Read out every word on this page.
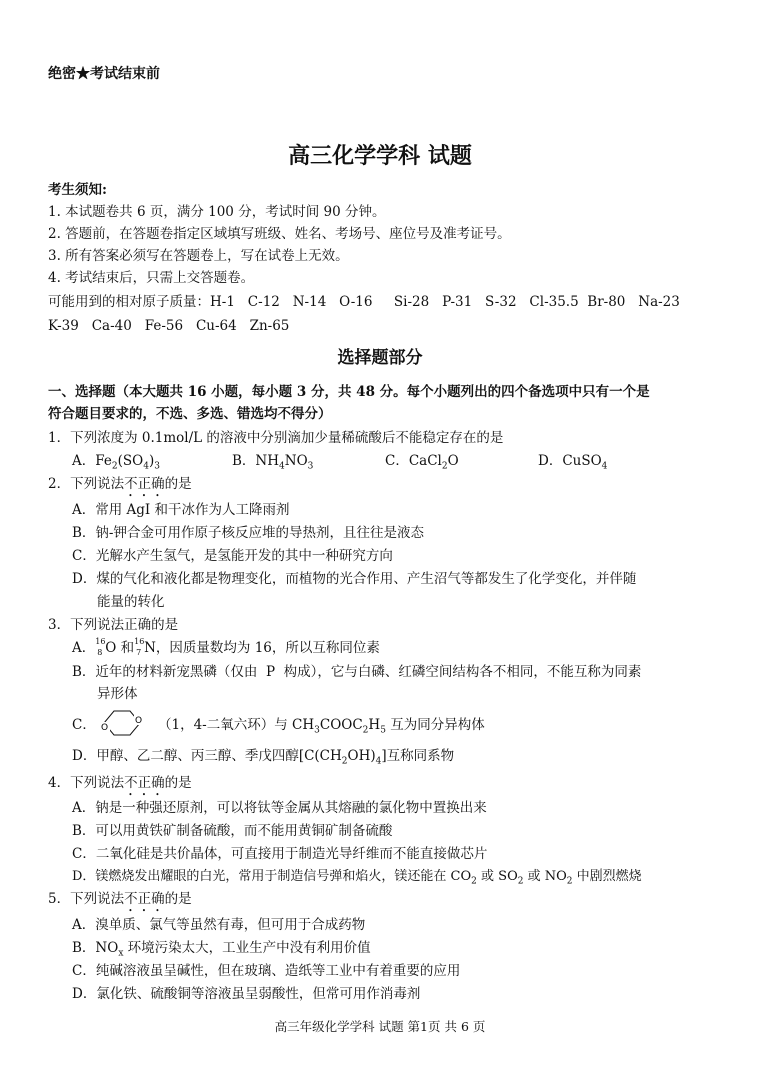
绝密★考试结束前
高三化学学科 试题
考生须知:
1. 本试题卷共 6 页，满分 100 分，考试时间 90 分钟。
2. 答题前，在答题卷指定区域填写班级、姓名、考场号、座位号及准考证号。
3. 所有答案必须写在答题卷上，写在试卷上无效。
4. 考试结束后，只需上交答题卷。
可能用到的相对原子质量：H-1   C-12   N-14   O-16     Si-28   P-31   S-32   Cl-35.5  Br-80   Na-23
K-39   Ca-40   Fe-56   Cu-64   Zn-65
选择题部分
一、选择题（本大题共 16 小题，每小题 3 分，共 48 分。每个小题列出的四个备选项中只有一个是
符合题目要求的，不选、多选、错选均不得分）
1．下列浓度为 0.1mol/L 的溶液中分别滴加少量稀硫酸后不能稳定存在的是
A．$Fe_2(SO_4)_3$	B．$NH_4NO_3$	C．CaCl$_2$O	D．CuSO$_4$
2．下列说法不正确的是
A．常用 AgI 和干冰作为人工降雨剂
B．钠-钾合金可用作原子核反应堆的导热剂，且往往是液态
C．光解水产生氢气，是氢能开发的其中一种研究方向
D．煤的气化和液化都是物理变化，而植物的光合作用、产生沼气等都发生了化学变化，并伴随
能量的转化
3．下列说法正确的是
A． 16
8 O 和 16
7 N，因质量数均为 16，所以互称同位素
B．近年的材料新宠黑磷（仅由  P  构成），它与白磷、红磷空间结构各不相同，不能互称为同素
异形体
C．	O
O	（1，4-二氧六环）与 $CH_3COOC_2H_5$ 互为同分异构体
D．甲醇、乙二醇、丙三醇、季戊四醇$[C(CH_2OH)_4]$互称同系物
4．下列说法不正确的是
A．钠是一种强还原剂，可以将钛等金属从其熔融的氯化物中置换出来
B．可以用黄铁矿制备硫酸，而不能用黄铜矿制备硫酸
C．二氧化硅是共价晶体，可直接用于制造光导纤维而不能直接做芯片
D．镁燃烧发出耀眼的白光，常用于制造信号弹和焰火，镁还能在 $CO_2$ 或 $SO_2$ 或 $NO_2$ 中剧烈燃烧
5．下列说法不正确的是
A．溴单质、氯气等虽然有毒，但可用于合成药物
B．$NO_x$ 环境污染太大，工业生产中没有利用价值
C．纯碱溶液虽呈碱性，但在玻璃、造纸等工业中有着重要的应用
D．氯化铁、硫酸铜等溶液虽呈弱酸性，但常可用作消毒剂
高三年级化学学科 试题 第1页 共 6 页
